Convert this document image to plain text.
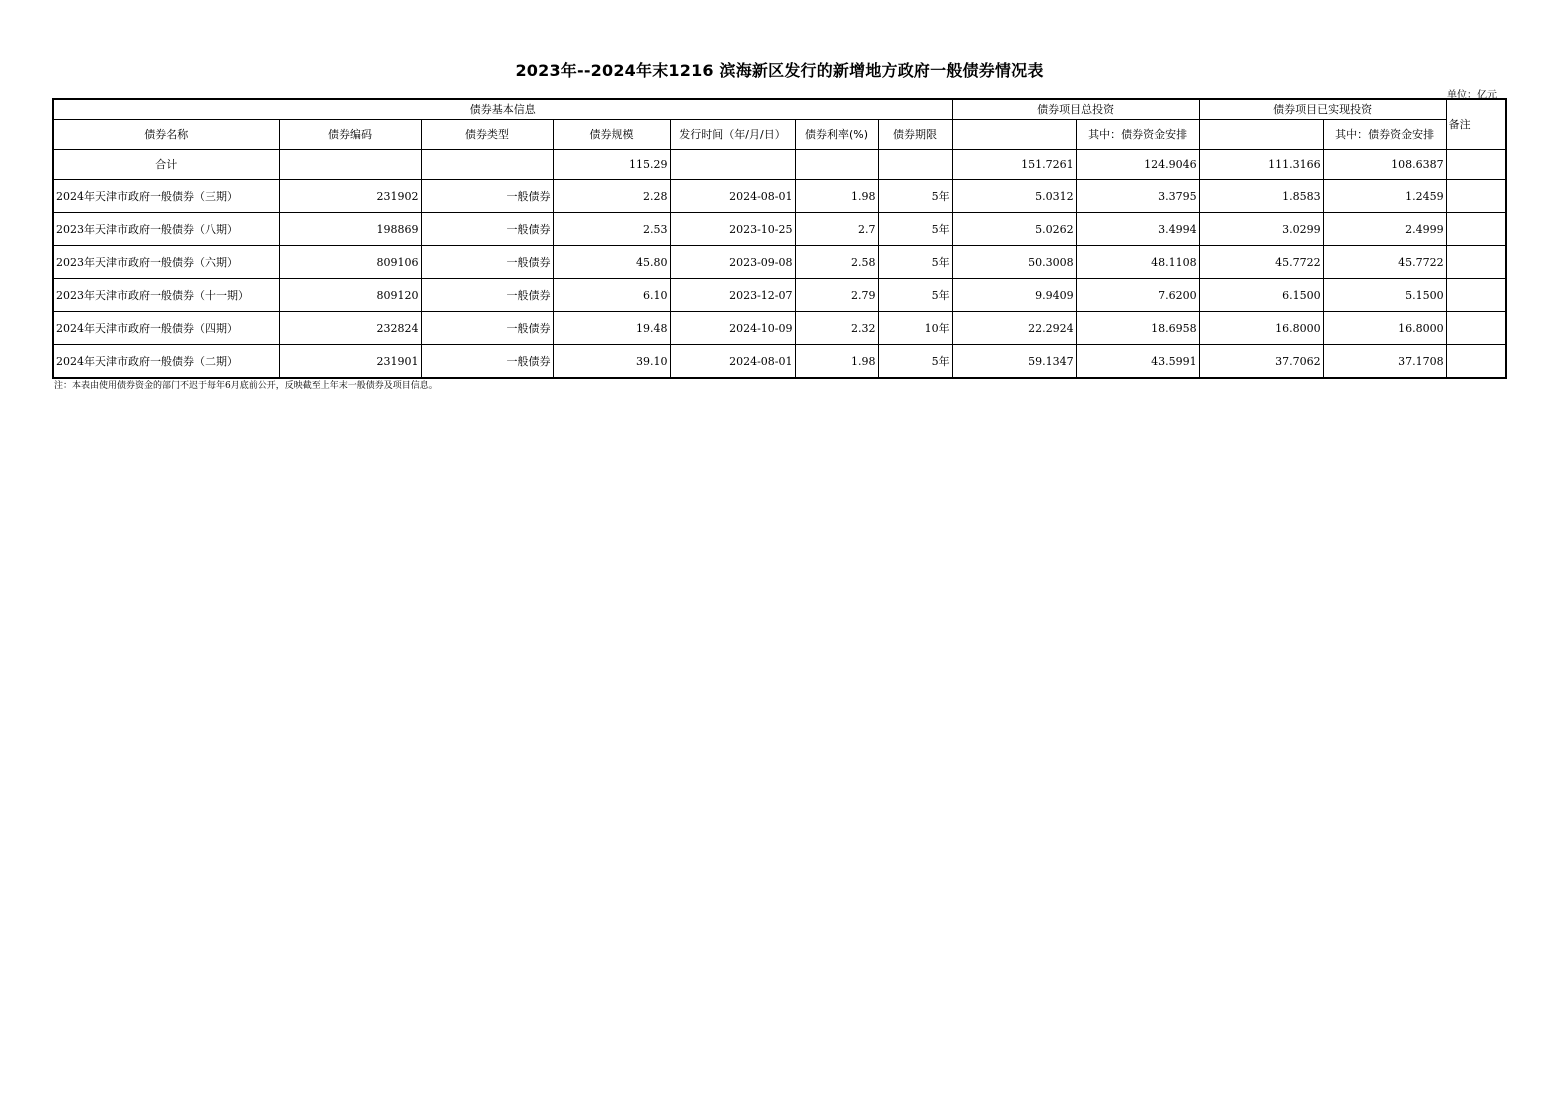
2023年--2024年末1216 滨海新区发行的新增地方政府一般债券情况表
单位：亿元
债券基本信息							债券项目总投资		债券项目已实现投资		备注
债券名称	债券编码	债券类型	债券规模	发行时间（年/月/日）	债券利率(%)	债券期限		其中：债券资金安排		其中：债券资金安排	
合计			115.29				151.7261	124.9046	111.3166	108.6387	
2024年天津市政府一般债券（三期）	231902	一般债券	2.28	2024-08-01	1.98	5年	5.0312	3.3795	1.8583	1.2459	
2023年天津市政府一般债券（八期）	198869	一般债券	2.53	2023-10-25	2.7	5年	5.0262	3.4994	3.0299	2.4999	
2023年天津市政府一般债券（六期）	809106	一般债券	45.80	2023-09-08	2.58	5年	50.3008	48.1108	45.7722	45.7722	
2023年天津市政府一般债券（十一期）	809120	一般债券	6.10	2023-12-07	2.79	5年	9.9409	7.6200	6.1500	5.1500	
2024年天津市政府一般债券（四期）	232824	一般债券	19.48	2024-10-09	2.32	10年	22.2924	18.6958	16.8000	16.8000	
2024年天津市政府一般债券（二期）	231901	一般债券	39.10	2024-08-01	1.98	5年	59.1347	43.5991	37.7062	37.1708	
注：本表由使用债券资金的部门不迟于每年6月底前公开，反映截至上年末一般债券及项目信息。
